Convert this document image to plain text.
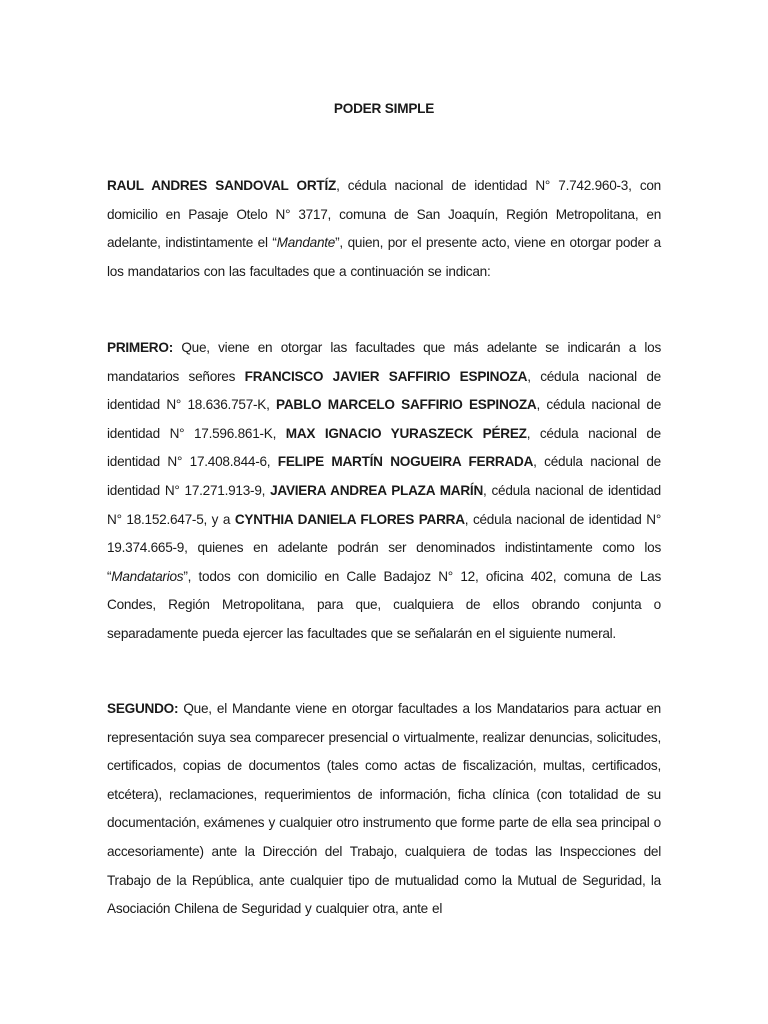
PODER SIMPLE
RAUL ANDRES SANDOVAL ORTÍZ, cédula nacional de identidad N° 7.742.960-3, con domicilio en Pasaje Otelo N° 3717, comuna de San Joaquín, Región Metropolitana, en adelante, indistintamente el “Mandante”, quien, por el presente acto, viene en otorgar poder a los mandatarios con las facultades que a continuación se indican:
PRIMERO: Que, viene en otorgar las facultades que más adelante se indicarán a los mandatarios señores FRANCISCO JAVIER SAFFIRIO ESPINOZA, cédula nacional de identidad N° 18.636.757-K, PABLO MARCELO SAFFIRIO ESPINOZA, cédula nacional de identidad N° 17.596.861-K, MAX IGNACIO YURASZECK PÉREZ, cédula nacional de identidad N° 17.408.844-6, FELIPE MARTÍN NOGUEIRA FERRADA, cédula nacional de identidad N° 17.271.913-9, JAVIERA ANDREA PLAZA MARÍN, cédula nacional de identidad N° 18.152.647-5, y a CYNTHIA DANIELA FLORES PARRA, cédula nacional de identidad N° 19.374.665-9, quienes en adelante podrán ser denominados indistintamente como los “Mandatarios”, todos con domicilio en Calle Badajoz N° 12, oficina 402, comuna de Las Condes, Región Metropolitana, para que, cualquiera de ellos obrando conjunta o separadamente pueda ejercer las facultades que se señalarán en el siguiente numeral.
SEGUNDO: Que, el Mandante viene en otorgar facultades a los Mandatarios para actuar en representación suya sea comparecer presencial o virtualmente, realizar denuncias, solicitudes, certificados, copias de documentos (tales como actas de fiscalización, multas, certificados, etcétera), reclamaciones, requerimientos de información, ficha clínica (con totalidad de su documentación, exámenes y cualquier otro instrumento que forme parte de ella sea principal o accesoriamente) ante la Dirección del Trabajo, cualquiera de todas las Inspecciones del Trabajo de la República, ante cualquier tipo de mutualidad como la Mutual de Seguridad, la Asociación Chilena de Seguridad y cualquier otra, ante el
